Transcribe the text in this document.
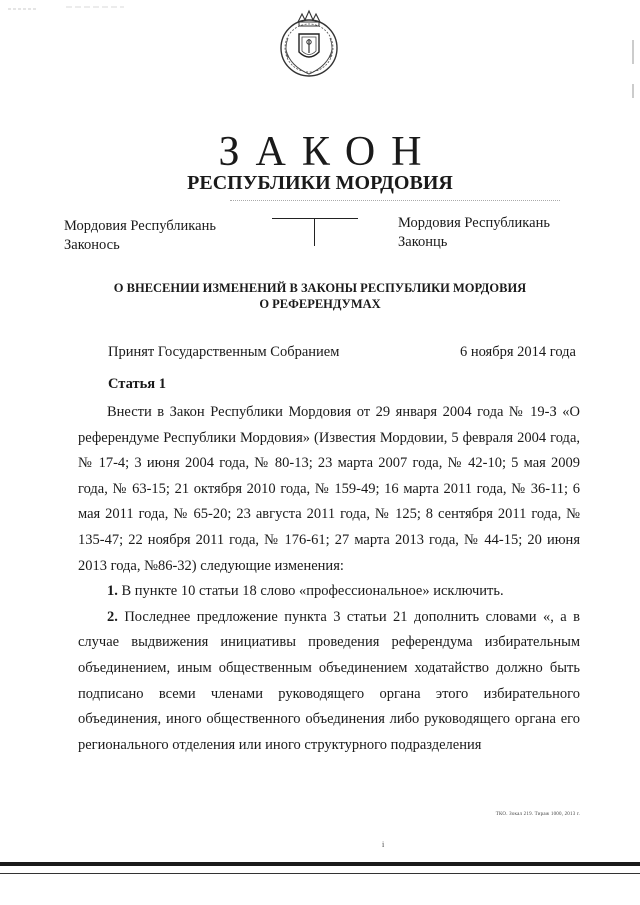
ЗАКОН
РЕСПУБЛИКИ МОРДОВИЯ
Мордовия Республикань
Законось
Мордовия Республикань
Законць
О ВНЕСЕНИИ ИЗМЕНЕНИЙ В ЗАКОНЫ РЕСПУБЛИКИ МОРДОВИЯ
О РЕФЕРЕНДУМАХ
Принят Государственным Собранием	6 ноября 2014 года
Статья 1

Внести в Закон Республики Мордовия от 29 января 2004 года № 19-З «О референдуме Республики Мордовия» (Известия Мордовии, 5 февраля 2004 года, № 17-4; 3 июня 2004 года, № 80-13; 23 марта 2007 года, № 42-10; 5 мая 2009 года, № 63-15; 21 октября 2010 года, № 159-49; 16 марта 2011 года, № 36-11; 6 мая 2011 года, № 65-20; 23 августа 2011 года, № 125; 8 сентября 2011 года, № 135-47; 22 ноября 2011 года, № 176-61; 27 марта 2013 года, № 44-15; 20 июня 2013 года, №86-32) следующие изменения:

1. В пункте 10 статьи 18 слово «профессиональное» исключить.

2. Последнее предложение пункта 3 статьи 21 дополнить словами «, а в случае выдвижения инициативы проведения референдума избирательным объединением, иным общественным объединением ходатайство должно быть подписано всеми членами руководящего органа этого избирательного объединения, иного общественного объединения либо руководящего органа его регионального отделения или иного структурного подразделения

ТКО. Зокал 219. Тираж 1000, 2013 г.
i
